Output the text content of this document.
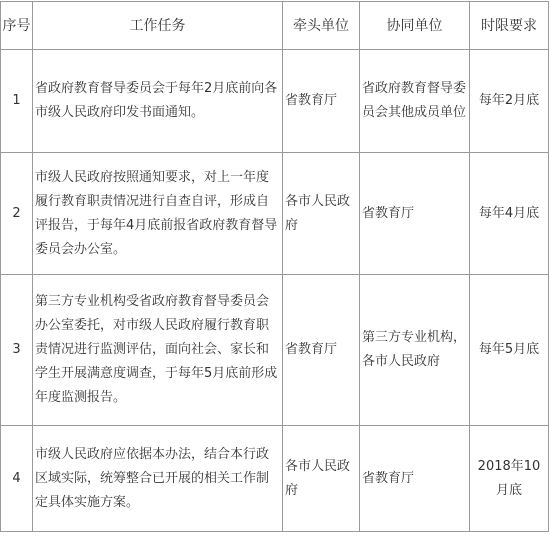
序号	工作任务	牵头单位	协同单位	时限要求
1	省政府教育督导委员会于每年2月底前向各市级人民政府印发书面通知。	省教育厅	省政府教育督导委员会其他成员单位	每年2月底
2	市级人民政府按照通知要求，对上一年度履行教育职责情况进行自查自评，形成自评报告，于每年4月底前报省政府教育督导委员会办公室。	各市人民政府	省教育厅	每年4月底
3	第三方专业机构受省政府教育督导委员会办公室委托，对市级人民政府履行教育职责情况进行监测评估，面向社会、家长和学生开展满意度调查，于每年5月底前形成年度监测报告。	省教育厅	第三方专业机构，各市人民政府	每年5月底
4	市级人民政府应依据本办法，结合本行政区域实际，统筹整合已开展的相关工作制定具体实施方案。	各市人民政府	省教育厅	2018年10月底
